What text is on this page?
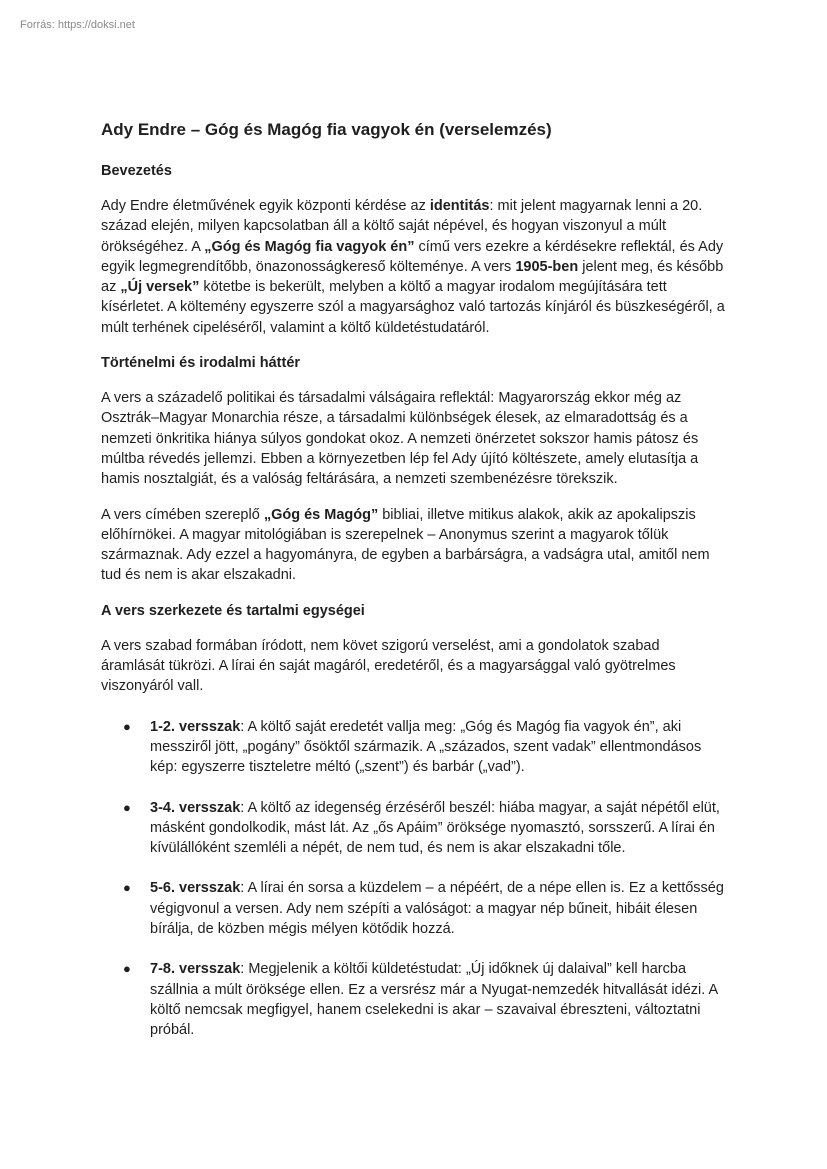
Forrás: https://doksi.net
Ady Endre – Góg és Magóg fia vagyok én (verselemzés)
Bevezetés

Ady Endre életművének egyik központi kérdése az identitás: mit jelent magyarnak lenni a 20. század elején, milyen kapcsolatban áll a költő saját népével, és hogyan viszonyul a múlt örökségéhez. A „Góg és Magóg fia vagyok én” című vers ezekre a kérdésekre reflektál, és Ady egyik legmegrendítőbb, önazonosságkereső költeménye. A vers 1905-ben jelent meg, és később az „Új versek” kötetbe is bekerült, melyben a költő a magyar irodalom megújítására tett kísérletet. A költemény egyszerre szól a magyarsághoz való tartozás kínjáról és büszkeségéről, a múlt terhének cipeléséről, valamint a költő küldetéstudatáról.

Történelmi és irodalmi háttér

A vers a századelő politikai és társadalmi válságaira reflektál: Magyarország ekkor még az Osztrák–Magyar Monarchia része, a társadalmi különbségek élesek, az elmaradottság és a nemzeti önkritika hiánya súlyos gondokat okoz. A nemzeti önérzetet sokszor hamis pátosz és múltba révedés jellemzi. Ebben a környezetben lép fel Ady újító költészete, amely elutasítja a hamis nosztalgiát, és a valóság feltárására, a nemzeti szembenézésre törekszik.

A vers címében szereplő „Góg és Magóg” bibliai, illetve mitikus alakok, akik az apokalipszis előhírnökei. A magyar mitológiában is szerepelnek – Anonymus szerint a magyarok tőlük származnak. Ady ezzel a hagyományra, de egyben a barbárságra, a vadságra utal, amitől nem tud és nem is akar elszakadni.

A vers szerkezete és tartalmi egységei

A vers szabad formában íródott, nem követ szigorú verselést, ami a gondolatok szabad áramlását tükrözi. A lírai én saját magáról, eredetéről, és a magyarsággal való gyötrelmes viszonyáról vall.

● 1-2. versszak: A költő saját eredetét vallja meg: „Góg és Magóg fia vagyok én”, aki messziről jött, „pogány” ősöktől származik. A „százados, szent vadak” ellentmondásos kép: egyszerre tiszteletre méltó („szent”) és barbár („vad”).
● 3-4. versszak: A költő az idegenség érzéséről beszél: hiába magyar, a saját népétől elüt, másként gondolkodik, mást lát. Az „ős Apáim” öröksége nyomasztó, sorsszerű. A lírai én kívülállóként szemléli a népét, de nem tud, és nem is akar elszakadni tőle.
● 5-6. versszak: A lírai én sorsa a küzdelem – a népéért, de a népe ellen is. Ez a kettősség végigvonul a versen. Ady nem szépíti a valóságot: a magyar nép bűneit, hibáit élesen bírálja, de közben mégis mélyen kötődik hozzá.
● 7-8. versszak: Megjelenik a költői küldetéstudat: „Új időknek új dalaival” kell harcba szállnia a múlt öröksége ellen. Ez a versrész már a Nyugat-nemzedék hitvallását idézi. A költő nemcsak megfigyel, hanem cselekedni is akar – szavaival ébreszteni, változtatni próbál.
